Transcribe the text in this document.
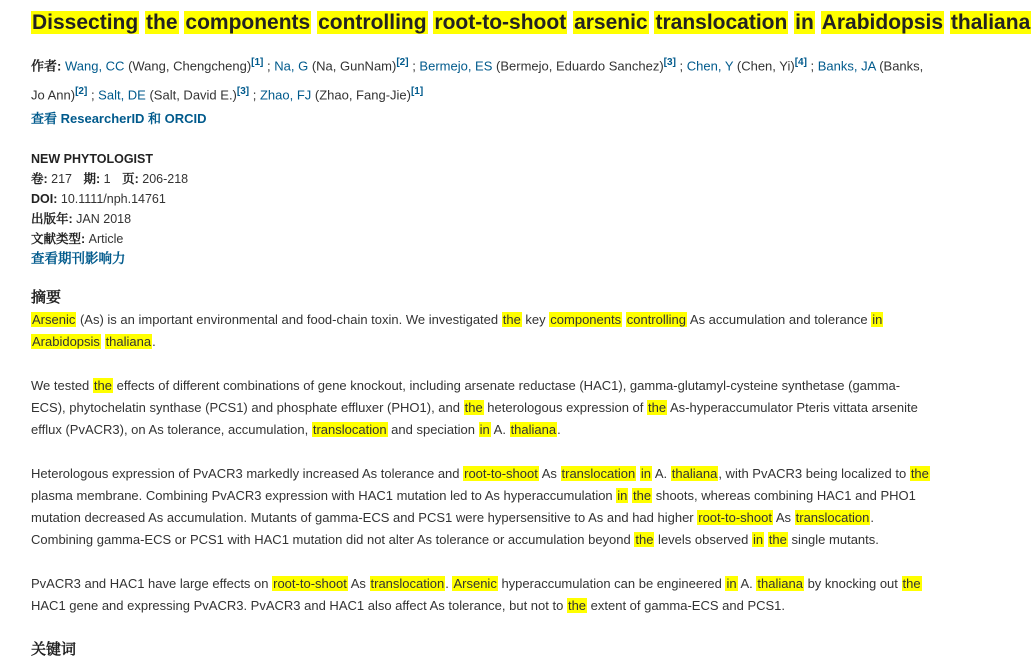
Dissecting the components controlling root-to-shoot arsenic translocation in Arabidopsis thaliana
作者: Wang, CC (Wang, Chengcheng)[1] ; Na, G (Na, GunNam)[2] ; Bermejo, ES (Bermejo, Eduardo Sanchez)[3] ; Chen, Y (Chen, Yi)[4] ; Banks, JA (Banks, Jo Ann)[2] ; Salt, DE (Salt, David E.)[3] ; Zhao, FJ (Zhao, Fang-Jie)[1]
查看 ResearcherID 和 ORCID
NEW PHYTOLOGIST
卷: 217 期: 1 页: 206-218
DOI: 10.1111/nph.14761
出版年: JAN 2018
文献类型: Article
查看期刊影响力
摘要

Arsenic (As) is an important environmental and food-chain toxin. We investigated the key components controlling As accumulation and tolerance in Arabidopsis thaliana.

We tested the effects of different combinations of gene knockout, including arsenate reductase (HAC1), gamma-glutamyl-cysteine synthetase (gamma-ECS), phytochelatin synthase (PCS1) and phosphate effluxer (PHO1), and the heterologous expression of the As-hyperaccumulator Pteris vittata arsenite efflux (PvACR3), on As tolerance, accumulation, translocation and speciation in A. thaliana.

Heterologous expression of PvACR3 markedly increased As tolerance and root-to-shoot As translocation in A. thaliana, with PvACR3 being localized to the plasma membrane. Combining PvACR3 expression with HAC1 mutation led to As hyperaccumulation in the shoots, whereas combining HAC1 and PHO1 mutation decreased As accumulation. Mutants of gamma-ECS and PCS1 were hypersensitive to As and had higher root-to-shoot As translocation. Combining gamma-ECS or PCS1 with HAC1 mutation did not alter As tolerance or accumulation beyond the levels observed in the single mutants.

PvACR3 and HAC1 have large effects on root-to-shoot As translocation. Arsenic hyperaccumulation can be engineered in A. thaliana by knocking out the HAC1 gene and expressing PvACR3. PvACR3 and HAC1 also affect As tolerance, but not to the extent of gamma-ECS and PCS1.

关键词
